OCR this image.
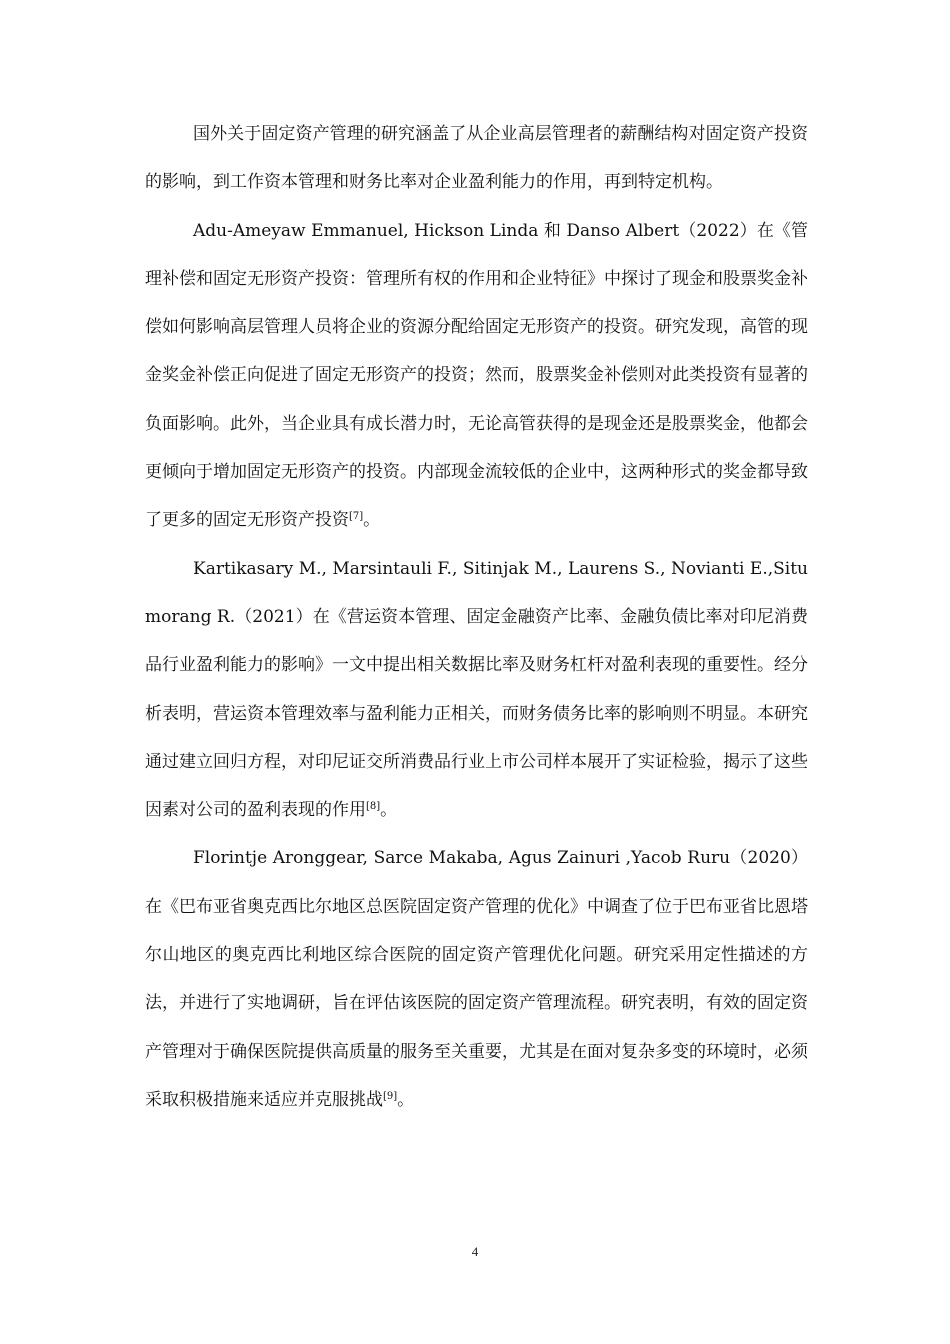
国外关于固定资产管理的研究涵盖了从企业高层管理者的薪酬结构对固定资产投资的影响，到工作资本管理和财务比率对企业盈利能力的作用，再到特定机构。

Adu-Ameyaw Emmanuel, Hickson Linda 和 Danso Albert（2022）在《管理补偿和固定无形资产投资：管理所有权的作用和企业特征》中探讨了现金和股票奖金补偿如何影响高层管理人员将企业的资源分配给固定无形资产的投资。研究发现，高管的现金奖金补偿正向促进了固定无形资产的投资；然而，股票奖金补偿则对此类投资有显著的负面影响。此外，当企业具有成长潜力时，无论高管获得的是现金还是股票奖金，他都会更倾向于增加固定无形资产的投资。内部现金流较低的企业中，这两种形式的奖金都导致了更多的固定无形资产投资[7]。

Kartikasary M., Marsintauli F., Sitinjak M., Laurens S., Novianti E.,Situmorang R.（2021）在《营运资本管理、固定金融资产比率、金融负债比率对印尼消费品行业盈利能力的影响》一文中提出相关数据比率及财务杠杆对盈利表现的重要性。经分析表明，营运资本管理效率与盈利能力正相关，而财务债务比率的影响则不明显。本研究通过建立回归方程，对印尼证交所消费品行业上市公司样本展开了实证检验，揭示了这些因素对公司的盈利表现的作用[8]。

Florintje Aronggear, Sarce Makaba, Agus Zainuri ,Yacob Ruru（2020）在《巴布亚省奥克西比尔地区总医院固定资产管理的优化》中调查了位于巴布亚省比恩塔尔山地区的奥克西比利地区综合医院的固定资产管理优化问题。研究采用定性描述的方法，并进行了实地调研，旨在评估该医院的固定资产管理流程。研究表明，有效的固定资产管理对于确保医院提供高质量的服务至关重要，尤其是在面对复杂多变的环境时，必须采取积极措施来适应并克服挑战[9]。

4
